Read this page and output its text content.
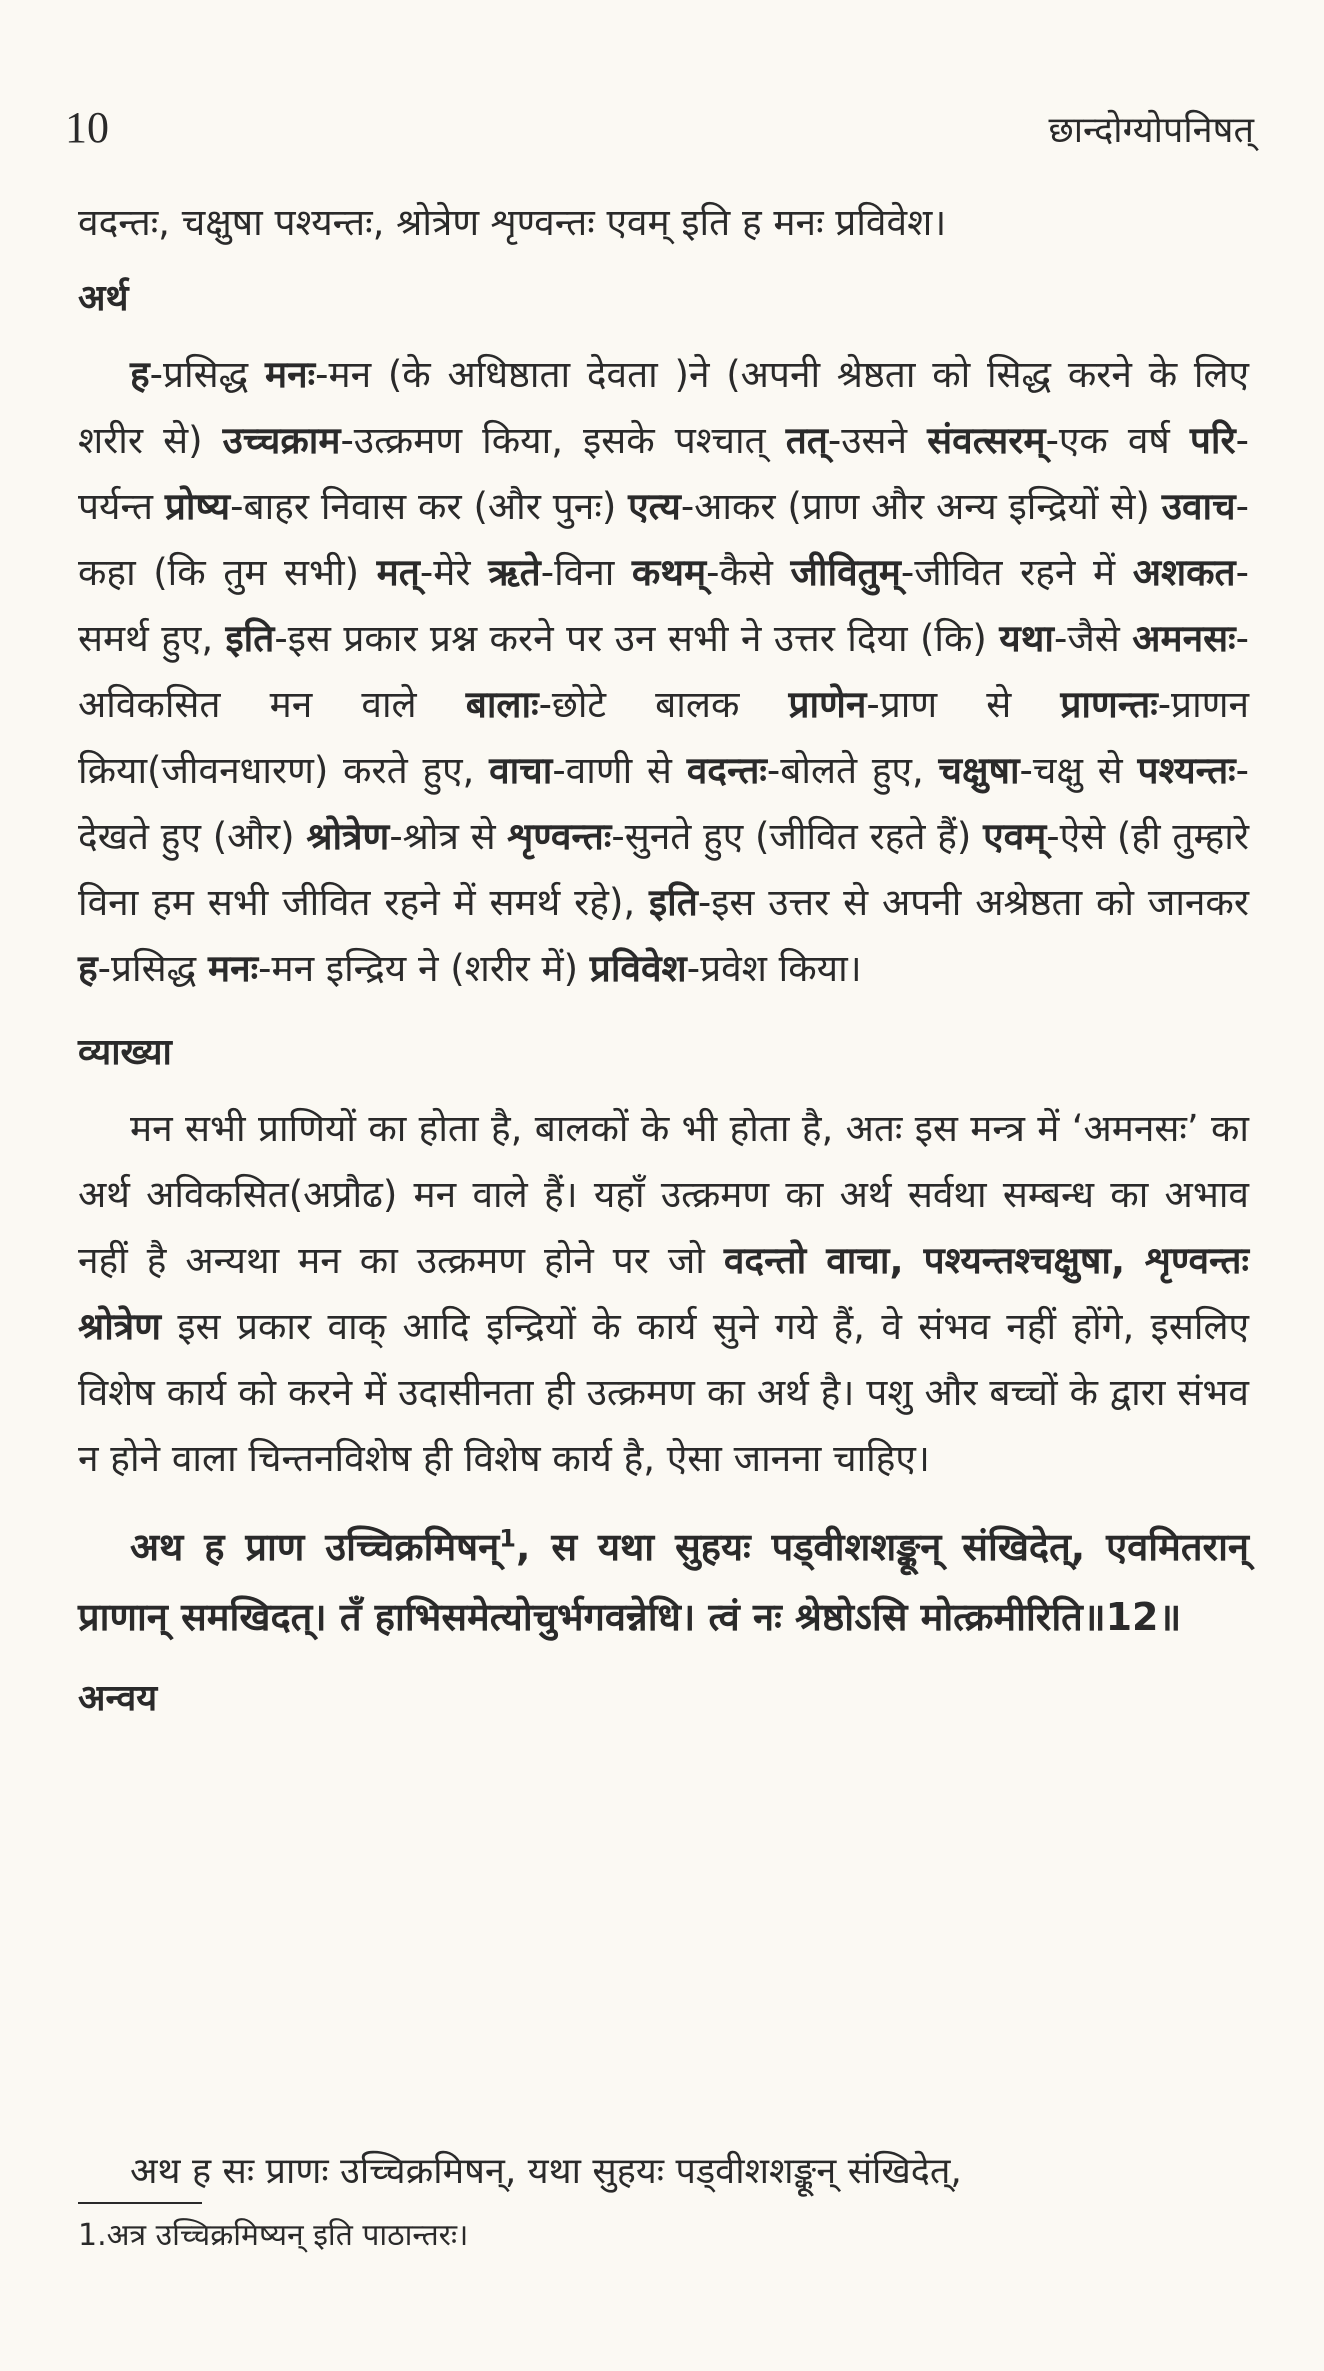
10	छान्दोग्योपनिषत्

वदन्तः, चक्षुषा पश्यन्तः, श्रोत्रेण शृण्वन्तः एवम् इति ह मनः प्रविवेश।

अर्थ

ह-प्रसिद्ध मनः-मन (के अधिष्ठाता देवता )ने (अपनी श्रेष्ठता को सिद्ध करने के लिए शरीर से) उच्चक्राम-उत्क्रमण किया, इसके पश्चात् तत्-उसने संवत्सरम्-एक वर्ष परि-पर्यन्त प्रोष्य-बाहर निवास कर (और पुनः) एत्य-आकर (प्राण और अन्य इन्द्रियों से) उवाच-कहा (कि तुम सभी) मत्-मेरे ऋते-विना कथम्-कैसे जीवितुम्-जीवित रहने में अशकत-समर्थ हुए, इति-इस प्रकार प्रश्न करने पर उन सभी ने उत्तर दिया (कि) यथा-जैसे अमनसः-अविकसित मन वाले बालाः-छोटे बालक प्राणेन-प्राण से प्राणन्तः-प्राणन क्रिया(जीवनधारण) करते हुए, वाचा-वाणी से वदन्तः-बोलते हुए, चक्षुषा-चक्षु से पश्यन्तः-देखते हुए (और) श्रोत्रेण-श्रोत्र से शृण्वन्तः-सुनते हुए (जीवित रहते हैं) एवम्-ऐसे (ही तुम्हारे विना हम सभी जीवित रहने में समर्थ रहे), इति-इस उत्तर से अपनी अश्रेष्ठता को जानकर ह-प्रसिद्ध मनः-मन इन्द्रिय ने (शरीर में) प्रविवेश-प्रवेश किया।

व्याख्या

मन सभी प्राणियों का होता है, बालकों के भी होता है, अतः इस मन्त्र में ‘अमनसः’ का अर्थ अविकसित(अप्रौढ) मन वाले हैं। यहाँ उत्क्रमण का अर्थ सर्वथा सम्बन्ध का अभाव नहीं है अन्यथा मन का उत्क्रमण होने पर जो वदन्तो वाचा, पश्यन्तश्चक्षुषा, शृण्वन्तः श्रोत्रेण इस प्रकार वाक् आदि इन्द्रियों के कार्य सुने गये हैं, वे संभव नहीं होंगे, इसलिए विशेष कार्य को करने में उदासीनता ही उत्क्रमण का अर्थ है। पशु और बच्चों के द्वारा संभव न होने वाला चिन्तनविशेष ही विशेष कार्य है, ऐसा जानना चाहिए।

अथ ह प्राण उच्चिक्रमिषन्$^1$, स यथा सुहयः पड्वीशशङ्कून् संखिदेत्, एवमितरान् प्राणान् समखिदत्। तँ हाभिसमेत्योचुर्भगवन्नेधि। त्वं नः श्रेष्ठोऽसि मोत्क्रमीरिति॥12॥

अन्वय
अथ ह सः प्राणः उच्चिक्रमिषन्, यथा सुहयः पड्वीशशङ्कून् संखिदेत्,
1.अत्र उच्चिक्रमिष्यन् इति पाठान्तरः।
